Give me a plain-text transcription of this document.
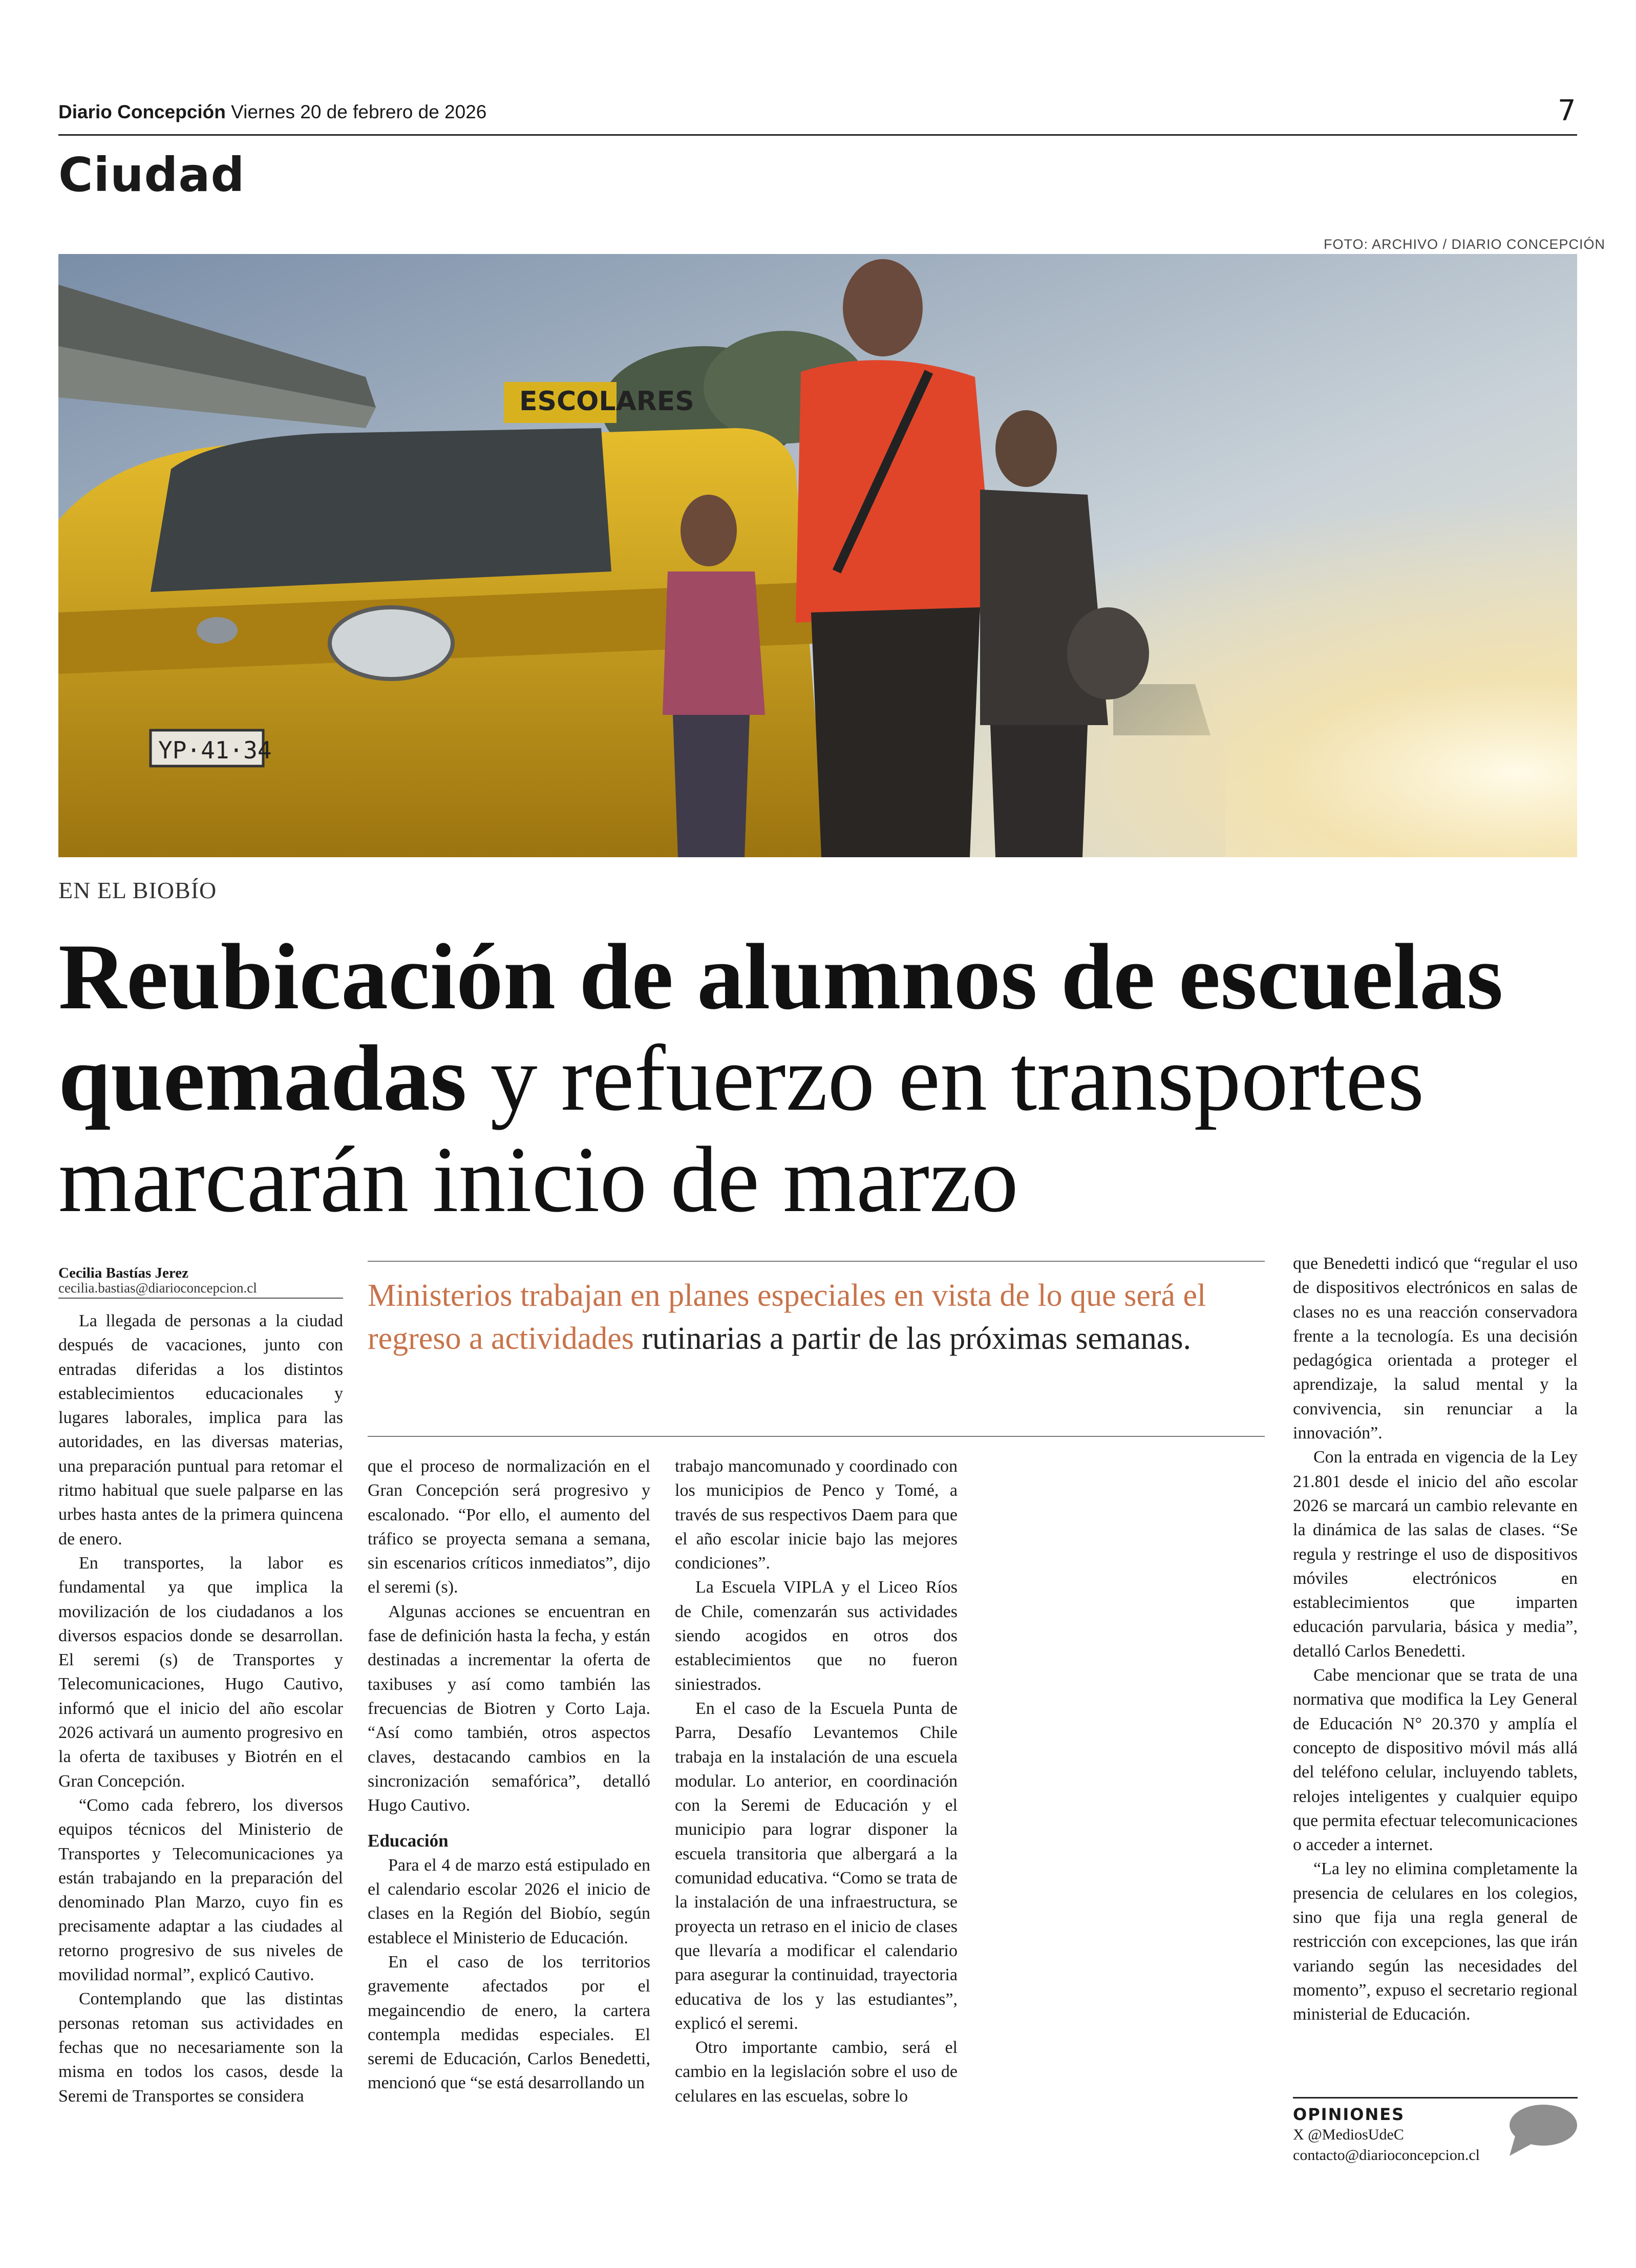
Diario Concepción Viernes 20 de febrero de 2026	7
Ciudad
FOTO: ARCHIVO / DIARIO CONCEPCIÓN
EN EL BIOBÍO
Reubicación de alumnos de escuelas quemadas y refuerzo en transportes marcarán inicio de marzo
Cecilia Bastías Jerez
cecilia.bastias@diarioconcepcion.cl

La llegada de personas a la ciudad después de vacaciones, junto con entradas diferidas a los distintos establecimientos educacionales y lugares laborales, implica para las autoridades, en las diversas materias, una preparación puntual para retomar el ritmo habitual que suele palparse en las urbes hasta antes de la primera quincena de enero.

En transportes, la labor es fundamental ya que implica la movilización de los ciudadanos a los diversos espacios donde se desarrollan. El seremi (s) de Transportes y Telecomunicaciones, Hugo Cautivo, informó que el inicio del año escolar 2026 activará un aumento progresivo en la oferta de taxibuses y Biotrén en el Gran Concepción.

“Como cada febrero, los diversos equipos técnicos del Ministerio de Transportes y Telecomunicaciones ya están trabajando en la preparación del denominado Plan Marzo, cuyo fin es precisamente adaptar a las ciudades al retorno progresivo de sus niveles de movilidad normal”, explicó Cautivo.

Contemplando que las distintas personas retoman sus actividades en fechas que no necesariamente son la misma en todos los casos, desde la Seremi de Transportes se considera

Ministerios trabajan en planes especiales en vista de lo que será el regreso a actividades rutinarias a partir de las próximas semanas.

que el proceso de normalización en el Gran Concepción será progresivo y escalonado. “Por ello, el aumento del tráfico se proyecta semana a semana, sin escenarios críticos inmediatos”, dijo el seremi (s).

Algunas acciones se encuentran en fase de definición hasta la fecha, y están destinadas a incrementar la oferta de taxibuses y así como también las frecuencias de Biotren y Corto Laja. “Así como también, otros aspectos claves, destacando cambios en la sincronización semafórica”, detalló Hugo Cautivo.

Educación

Para el 4 de marzo está estipulado en el calendario escolar 2026 el inicio de clases en la Región del Biobío, según establece el Ministerio de Educación.

En el caso de los territorios gravemente afectados por el megaincendio de enero, la cartera contempla medidas especiales. El seremi de Educación, Carlos Benedetti, mencionó que “se está desarrollando un

trabajo mancomunado y coordinado con los municipios de Penco y Tomé, a través de sus respectivos Daem para que el año escolar inicie bajo las mejores condiciones”.

La Escuela VIPLA y el Liceo Ríos de Chile, comenzarán sus actividades siendo acogidos en otros dos establecimientos que no fueron siniestrados.

En el caso de la Escuela Punta de Parra, Desafío Levantemos Chile trabaja en la instalación de una escuela modular. Lo anterior, en coordinación con la Seremi de Educación y el municipio para lograr disponer la escuela transitoria que albergará a la comunidad educativa. “Como se trata de la instalación de una infraestructura, se proyecta un retraso en el inicio de clases que llevaría a modificar el calendario para asegurar la continuidad, trayectoria educativa de los y las estudiantes”, explicó el seremi.

Otro importante cambio, será el cambio en la legislación sobre el uso de celulares en las escuelas, sobre lo

que Benedetti indicó que “regular el uso de dispositivos electrónicos en salas de clases no es una reacción conservadora frente a la tecnología. Es una decisión pedagógica orientada a proteger el aprendizaje, la salud mental y la convivencia, sin renunciar a la innovación”.

Con la entrada en vigencia de la Ley 21.801 desde el inicio del año escolar 2026 se marcará un cambio relevante en la dinámica de las salas de clases. “Se regula y restringe el uso de dispositivos móviles electrónicos en establecimientos que imparten educación parvularia, básica y media”, detalló Carlos Benedetti.

Cabe mencionar que se trata de una normativa que modifica la Ley General de Educación N° 20.370 y amplía el concepto de dispositivo móvil más allá del teléfono celular, incluyendo tablets, relojes inteligentes y cualquier equipo que permita efectuar telecomunicaciones o acceder a internet.

“La ley no elimina completamente la presencia de celulares en los colegios, sino que fija una regla general de restricción con excepciones, las que irán variando según las necesidades del momento”, expuso el secretario regional ministerial de Educación.

OPINIONES
X @MediosUdeC
contacto@diarioconcepcion.cl
